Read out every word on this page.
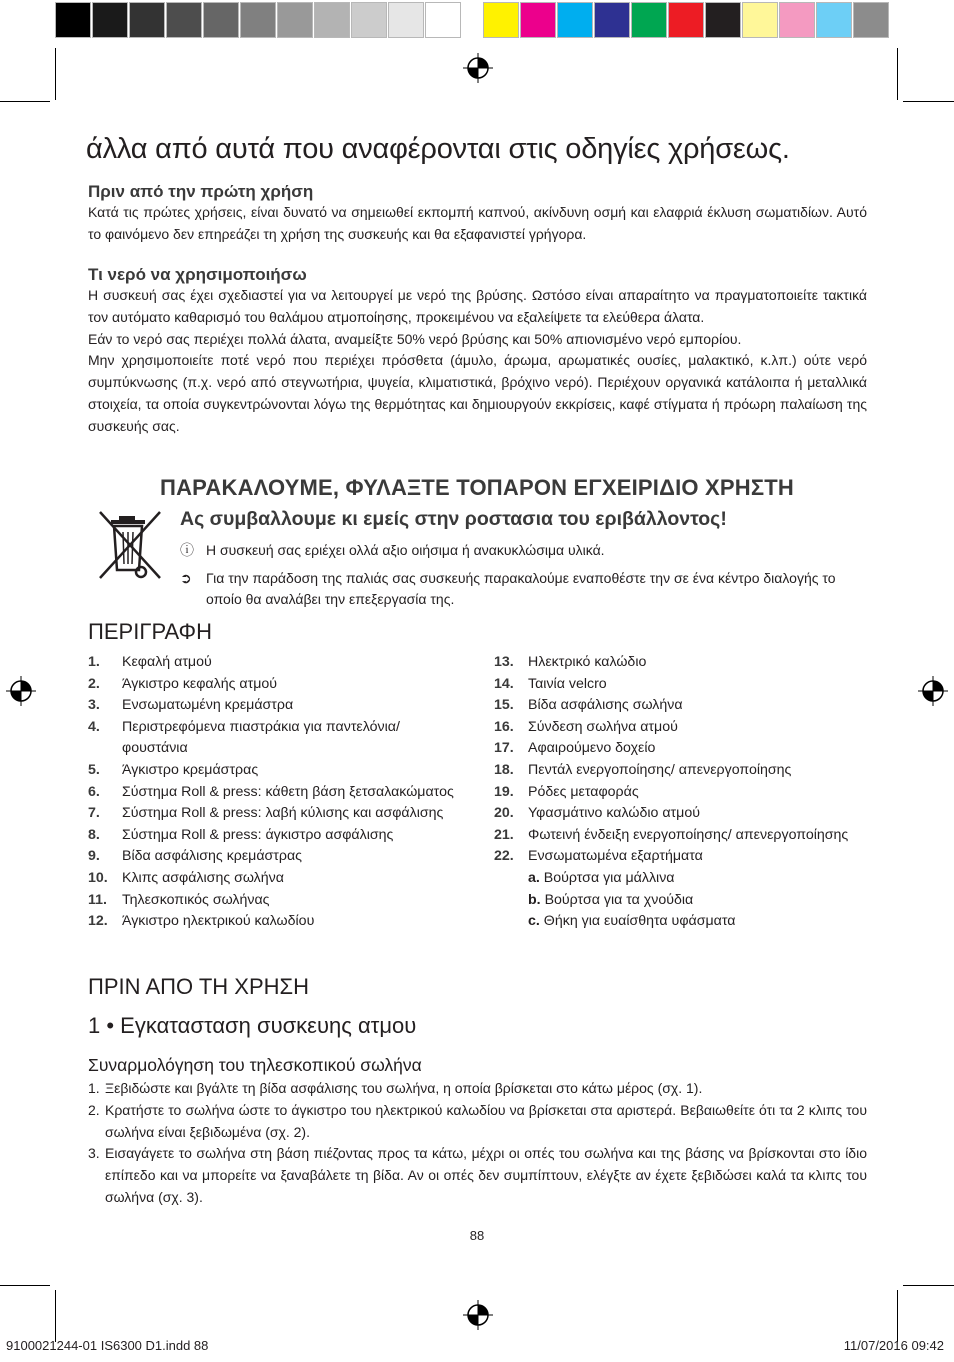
άλλα από αυτά που αναφέρονται στις οδηγίες χρήσεως.
Πριν από την πρώτη χρήση
Κατά τις πρώτες χρήσεις, είναι δυνατό να σημειωθεί εκπομπή καπνού, ακίνδυνη οσμή και ελαφριά έκλυση σωματιδίων. Αυτό το φαινόμενο δεν επηρεάζει τη χρήση της συσκευής και θα εξαφανιστεί γρήγορα.
Τι νερό να χρησιμοποιήσω
Η συσκευή σας έχει σχεδιαστεί για να λειτουργεί με νερό της βρύσης. Ωστόσο είναι απαραίτητο να πραγματοποιείτε τακτικά τον αυτόματο καθαρισμό του θαλάμου ατμοποίησης, προκειμένου να εξαλείψετε τα ελεύθερα άλατα.
Εάν το νερό σας περιέχει πολλά άλατα, αναμείξτε 50% νερό βρύσης και 50% απιονισμένο νερό εμπορίου.
Μην χρησιμοποιείτε ποτέ νερό που περιέχει πρόσθετα (άμυλο, άρωμα, αρωματικές ουσίες, μαλακτικό, κ.λπ.) ούτε νερό συμπύκνωσης (π.χ. νερό από στεγνωτήρια, ψυγεία, κλιματιστικά, βρόχινο νερό). Περιέχουν οργανικά κατάλοιπα ή μεταλλικά στοιχεία, τα οποία συγκεντρώνονται λόγω της θερμότητας και δημιουργούν εκκρίσεις, καφέ στίγματα ή πρόωρη παλαίωση της συσκευής σας.
ΠΑΡΑΚΑΛΟΥΜΕ, ΦΥΛΑΞΤΕ ΤΟΠΑΡΟΝ ΕΓΧΕΙΡΙΔΙΟ ΧΡΗΣΤΗ
Ας συμβαλλουμε κι εμείς στην ροστασια του εριβάλλοντος!
ⓘ Η συσκευή σας εριέχει ολλά αξιο οιήσιμα ή ανακυκλώσιμα υλικά.
➲	Για την παράδοση της παλιάς σας συσκευής παρακαλούμε εναποθέστε την σε ένα κέντρο διαλογής το οποίο θα αναλάβει την επεξεργασία της.
ΠΕΡΙΓΡΑΦΗ
1.	Κεφαλή ατμού
2.	Άγκιστρο κεφαλής ατμού
3.	Ενσωματωμένη κρεμάστρα
4.	Περιστρεφόμενα πιαστράκια για παντελόνια/ φουστάνια
5.	Άγκιστρο κρεμάστρας
6.	Σύστημα Roll & press: κάθετη βάση ξετσαλακώματος
7.	Σύστημα Roll & press: λαβή κύλισης και ασφάλισης
8.	Σύστημα Roll & press: άγκιστρο ασφάλισης
9.	Βίδα ασφάλισης κρεμάστρας
10.	Κλιπς ασφάλισης σωλήνα
11.	Τηλεσκοπικός σωλήνας
12.	Άγκιστρο ηλεκτρικού καλωδίου
13.	Ηλεκτρικό καλώδιο
14.	Ταινία velcro
15.	Βίδα ασφάλισης σωλήνα
16.	Σύνδεση σωλήνα ατμού
17.	Αφαιρούμενο δοχείο
18.	Πεντάλ ενεργοποίησης/ απενεργοποίησης
19.	Ρόδες μεταφοράς
20.	Υφασμάτινο καλώδιο ατμού
21.	Φωτεινή ένδειξη ενεργοποίησης/ απενεργοποίησης
22.	Ενσωματωμένα εξαρτήματα
a. Βούρτσα για μάλλινα
b. Βούρτσα για τα χνούδια
c. Θήκη για ευαίσθητα υφάσματα
ΠΡΙΝ ΑΠΟ ΤΗ ΧΡΗΣΗ
1 • Εγκατασταση συσκευης ατμου
Συναρμολόγηση του τηλεσκοπικού σωλήνα
1. Ξεβιδώστε και βγάλτε τη βίδα ασφάλισης του σωλήνα, η οποία βρίσκεται στο κάτω μέρος (σχ. 1).
2. Κρατήστε το σωλήνα ώστε το άγκιστρο του ηλεκτρικού καλωδίου να βρίσκεται στα αριστερά. Βεβαιωθείτε ότι τα 2 κλιπς του σωλήνα είναι ξεβιδωμένα (σχ. 2).
3. Εισαγάγετε το σωλήνα στη βάση πιέζοντας προς τα κάτω, μέχρι οι οπές του σωλήνα και της βάσης να βρίσκονται στο ίδιο επίπεδο και να μπορείτε να ξαναβάλετε τη βίδα. Αν οι οπές δεν συμπίπτουν, ελέγξτε αν έχετε ξεβιδώσει καλά τα κλιπς του σωλήνα (σχ. 3).
88
9100021244-01 IS6300 D1.indd 88	11/07/2016 09:42
